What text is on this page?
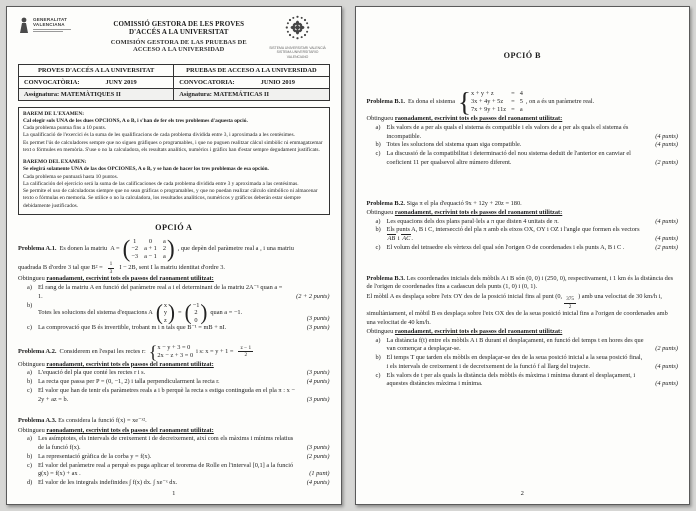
GENERALITAT
VALENCIANA	COMISSIÓ GESTORA DE LES PROVES D'ACCÉS A LA UNIVERSITAT
COMISIÓN GESTORA DE LAS PRUEBAS DE ACCESO A LA UNIVERSIDAD	SISTEMA UNIVERSITARI VALENCIÀ
SISTEMA UNIVERSITARIO VALENCIANO
PROVES D'ACCÉS A LA UNIVERSITAT	PRUEBAS DE ACCESO A LA UNIVERSIDAD
CONVOCATÒRIA: JUNY 2019	CONVOCATORIA: JUNIO 2019
Assignatura: MATEMÀTIQUES II	Asignatura: MATEMÁTICAS II
BAREM DE L'EXAMEN:

Cal elegir sols UNA de les dues OPCIONS, A o B, i s'han de fer els tres problemes d'aquesta opció.

Cada problema puntua fins a 10 punts.

La qualificació de l'exercici és la suma de les qualificacions de cada problema dividida entre 3, i aproximada a les centèsimes.

Es permet l'ús de calculadores sempre que no siguen gràfiques o programables, i que no puguen realitzar càlcul simbòlic ni emmagatzemar text o fórmules en memòria. S'use o no la calculadora, els resultats analítics, numèrics i gràfics han d'estar sempre degudament justificats.

BAREMO DEL EXAMEN:

Se elegirá solamente UNA de las dos OPCIONES, A o B, y se han de hacer los tres problemas de esa opción.

Cada problema se puntuará hasta 10 puntos.

La calificación del ejercicio será la suma de las calificaciones de cada problema dividida entre 3 y aproximada a las centésimas.

Se permite el uso de calculadoras siempre que no sean gráficas o programables, y que no puedan realizar cálculo simbólico ni almacenar texto o fórmulas en memoria. Se utilice o no la calculadora, los resultados analíticos, numéricos y gráficos deberán estar siempre debidamente justificados.

OPCIÓ A
Problema A.1. Es donen la matriu A = ( 1	0	a
−2 a + 1 2
−3 a − 1 a ) , que depèn del paràmetre real a , i una matriu
quadrada B d'ordre 3 tal que $B^2 = \frac{1}{3}$ I − 2B, sent I la matriu identitat d'ordre 3.
Obtingueu raonadament, escrivint tots els passos del raonament utilitzat:
a) El rang de la matriu A en funció del paràmetre real a i el determinant de la matriu 2A⁻¹ quan a = 1.	(2 + 2 punts)
b)
Totes les solucions del sistema d'equacions A ( x
y
z ) = ( −1
2
0 ) quan a = −1.
(3 punts)
c) La comprovació que B és invertible, trobant m i n tals que B⁻¹ = mB + nI.	(3 punts)
Problema A.2. Considerem en l'espai les rectes r: { x − y + 3 = 0
2x − z + 3 = 0
i s: $x = y + 1 = \frac{z - 1}{2}$
Obtingueu raonadament, escrivint tots els passos del raonament utilitzat:
a) L'equació del pla que conté les rectes r i s.	(3 punts)
b) La recta que passa per P = (0, −1, 2) i talla perpendicularment la recta r.	(4 punts)
c) El valor que han de tenir els paràmetres reals a i b perquè la recta s estiga continguda en el pla π : x − 2y + az = b.	(3 punts)
Problema A.3. Es considera la funció f(x) = xe⁻ˣ².
Obtingueu raonadament, escrivint tots els passos del raonament utilitzat:
a) Les asímptotes, els intervals de creixement i de decreixement, així com els màxims i mínims relatius de la funció f(x).	(3 punts)
b) La representació gràfica de la corba y = f(x).	(2 punts)
c) El valor del paràmetre real a perquè es puga aplicar el teorema de Rolle en l'interval [0,1] a la funció g(x) = f(x) + ax .	(1 punt)
d) El valor de les integrals indefinides ∫ f(x) dx. ∫ xe⁻ˣ dx.	(4 punts)
1
OPCIÓ B
Problema B.1. Es dona el sistema { x + y + z	= 4
3x + 4y + 5z	= 5
7x + 9y + 11z = a
, on a és un paràmetre real.
Obtingueu raonadament, escrivint tots els passos del raonament utilitzat:
a) Els valors de a per als quals el sistema és compatible i els valors de a per als quals el sistema és incompatible.	(4 punts)
b) Totes les solucions del sistema quan siga compatible.	(4 punts)
c) La discussió de la compatibilitat i determinació del nou sistema deduït de l'anterior en canviar el coeficient 11 per qualsevol altre número diferent.	(2 punts)
Problema B.2. Siga π el pla d'equació 9x + 12y + 20z = 180.
Obtingueu raonadament, escrivint tots els passos del raonament utilitzat:
a) Les equacions dels dos plans paral·lels a π que disten 4 unitats de π.	(4 punts)
b) Els punts A, B i C, intersecció del pla π amb els eixos OX, OY i OZ i l'angle que formen els vectors AB i AC.	(4 punts)
c) El volum del tetraedre els vèrtexs del qual són l'origen O de coordenades i els punts A, B i C .	(2 punts)
Problema B.3. Les coordenades inicials dels mòbils A i B són (0, 0) i (250, 0), respectivament, i 1 km és la distància des de l'origen de coordenades fins a cadascun dels punts (1, 0) i (0, 1).
El mòbil A es desplaça sobre l'eix OY des de la posició inicial fins al punt (0, $\frac{375}{2}$ ) amb una velocitat de 30 km/h i, simultàniament, el mòbil B es desplaça sobre l'eix OX des de la seua posició inicial fins a l'origen de coordenades amb una velocitat de 40 km/h.
Obtingueu raonadament, escrivint tots els passos del raonament utilitzat:
a) La distància f(t) entre els mòbils A i B durant el desplaçament, en funció del temps t en hores des que van començar a desplaçar-se.	(2 punts)
b) El temps T que tarden els mòbils en desplaçar-se des de la seua posició inicial a la seua posició final, i els intervals de creixement i de decreixement de la funció f al llarg del trajecte.	(4 punts)
c) Els valors de t per als quals la distància dels mòbils és màxima i mínima durant el desplaçament, i aquestes distàncies màxima i mínima.	(4 punts)
2
